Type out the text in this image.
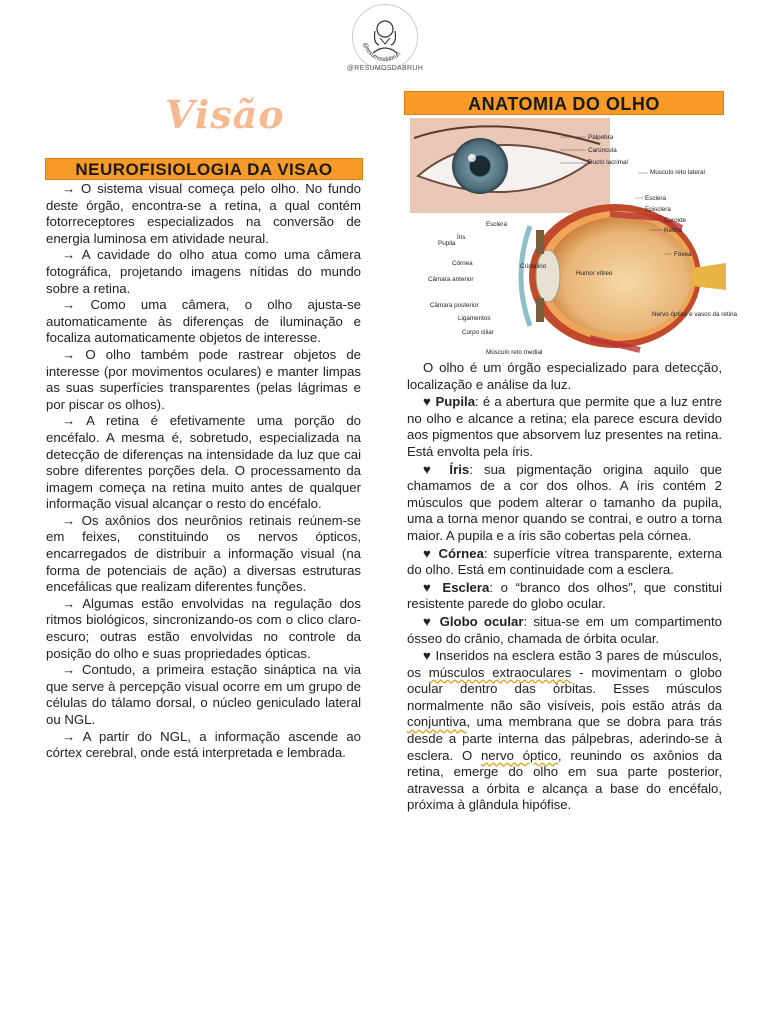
@resumosdabruh
@RESUMOSDABRUH
Visão
NEUROFISIOLOGIA DA VISAO

→ O sistema visual começa pelo olho. No fundo deste órgão, encontra-se a retina, a qual contém fotorreceptores especializados na conversão de energia luminosa em atividade neural.

→ A cavidade do olho atua como uma câmera fotográfica, projetando imagens nítidas do mundo sobre a retina.

→ Como uma câmera, o olho ajusta-se automaticamente às diferenças de iluminação e focaliza automaticamente objetos de interesse.

→ O olho também pode rastrear objetos de interesse (por movimentos oculares) e manter limpas as suas superfícies transparentes (pelas lágrimas e por piscar os olhos).

→ A retina é efetivamente uma porção do encéfalo. A mesma é, sobretudo, especializada na detecção de diferenças na intensidade da luz que cai sobre diferentes porções dela. O processamento da imagem começa na retina muito antes de qualquer informação visual alcançar o resto do encéfalo.

→ Os axônios dos neurônios retinais reúnem-se em feixes, constituindo os nervos ópticos, encarregados de distribuir a informação visual (na forma de potenciais de ação) a diversas estruturas encefálicas que realizam diferentes funções.

→ Algumas estão envolvidas na regulação dos ritmos biológicos, sincronizando-os com o clico claro-escuro; outras estão envolvidas no controle da posição do olho e suas propriedades ópticas.

→ Contudo, a primeira estação sináptica na via que serve à percepção visual ocorre em um grupo de células do tálamo dorsal, o núcleo geniculado lateral ou NGL.

→ A partir do NGL, a informação ascende ao córtex cerebral, onde está interpretada e lembrada.

ANATOMIA DO OLHO
Pálpebra
Carúncula
Ducto lacrimal
Músculo reto lateral
Esclera
Episclera
Coroide
Retina
Fóvea
Esclera
Íris
Pupila
Córnea
Câmara anterior
Cristalino
Humor vítreo
Câmara posterior
Ligamentos
Corpo ciliar
Nervo óptico e vasos da retina
Músculo reto medial

O olho é um órgão especializado para detecção, localização e análise da luz.

♥ Pupila: é a abertura que permite que a luz entre no olho e alcance a retina; ela parece escura devido aos pigmentos que absorvem luz presentes na retina. Está envolta pela íris.

♥ Íris: sua pigmentação origina aquilo que chamamos de a cor dos olhos. A íris contém 2 músculos que podem alterar o tamanho da pupila, uma a torna menor quando se contrai, e outro a torna maior. A pupila e a íris são cobertas pela córnea.

♥ Córnea: superfície vítrea transparente, externa do olho. Está em continuidade com a esclera.

♥ Esclera: o “branco dos olhos”, que constitui resistente parede do globo ocular.

♥ Globo ocular: situa-se em um compartimento ósseo do crânio, chamada de órbita ocular.

♥ Inseridos na esclera estão 3 pares de músculos, os músculos extraoculares - movimentam o globo ocular dentro das órbitas. Esses músculos normalmente não são visíveis, pois estão atrás da conjuntiva, uma membrana que se dobra para trás desde a parte interna das pálpebras, aderindo-se à esclera. O nervo óptico, reunindo os axônios da retina, emerge do olho em sua parte posterior, atravessa a órbita e alcança a base do encéfalo, próxima à glândula hipófise.
